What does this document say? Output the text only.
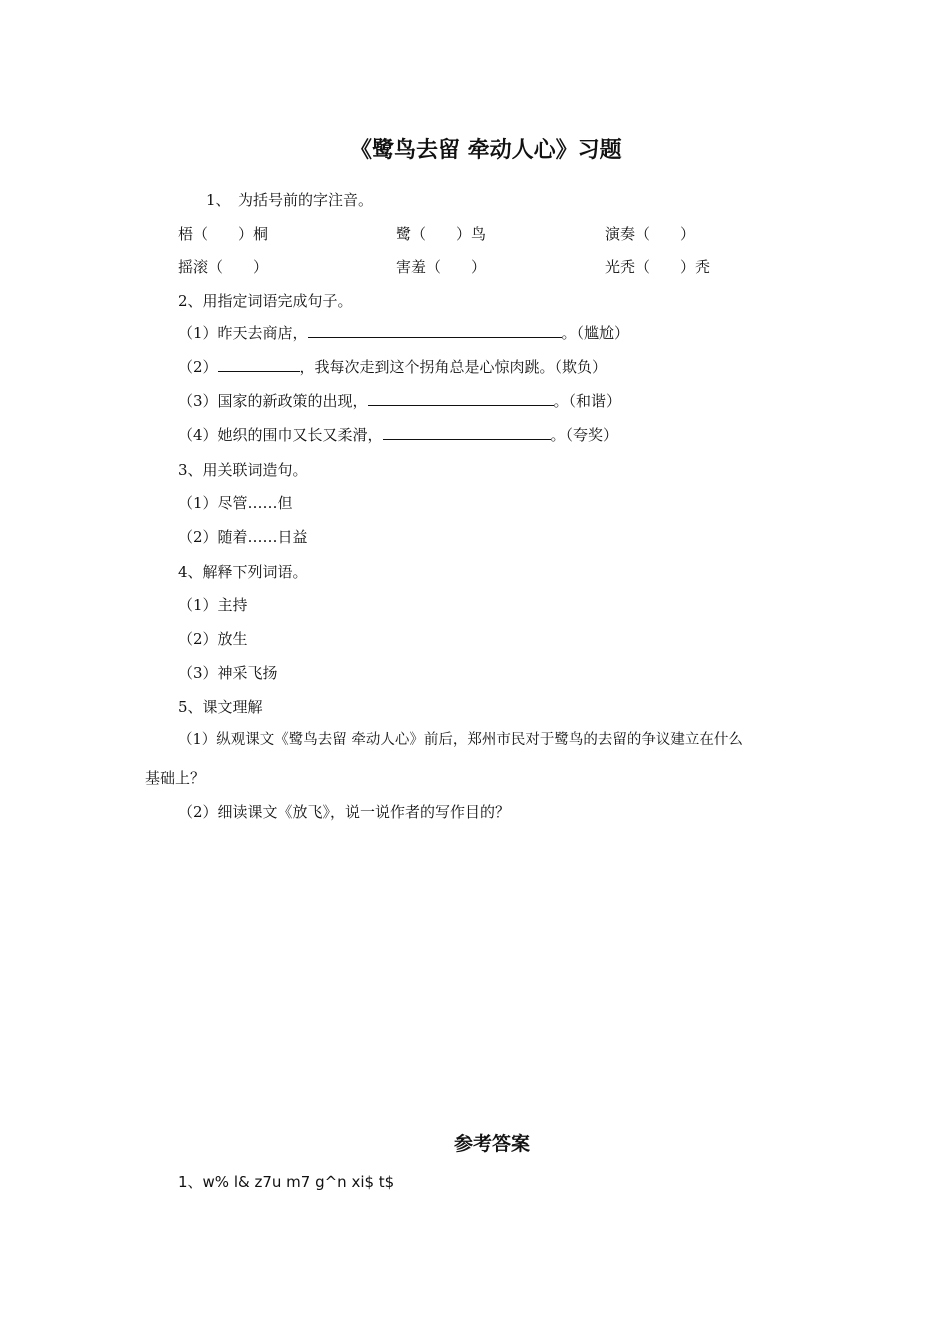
《鹭鸟去留 牵动人心》习题
1、　为括号前的字注音。
梧（　　）桐	鹭（　　）鸟	演奏（　　）
摇滚（　　）	害羞（　　）	光秃（　　）秃
2、用指定词语完成句子。
（1）昨天去商店，	。（尴尬）
（2）	，我每次走到这个拐角总是心惊肉跳。（欺负）
（3）国家的新政策的出现，	。（和谐）
（4）她织的围巾又长又柔滑，	。（夸奖）
3、用关联词造句。
（1）尽管……但
（2）随着……日益
4、解释下列词语。
（1）主持
（2）放生
（3）神采飞扬
5、课文理解
（1）纵观课文《鹭鸟去留 牵动人心》前后，郑州市民对于鹭鸟的去留的争议建立在什么
基础上？
（2）细读课文《放飞》，说一说作者的写作目的？
参考答案
1、w% l& z7u m7 g^n xi$ t$
